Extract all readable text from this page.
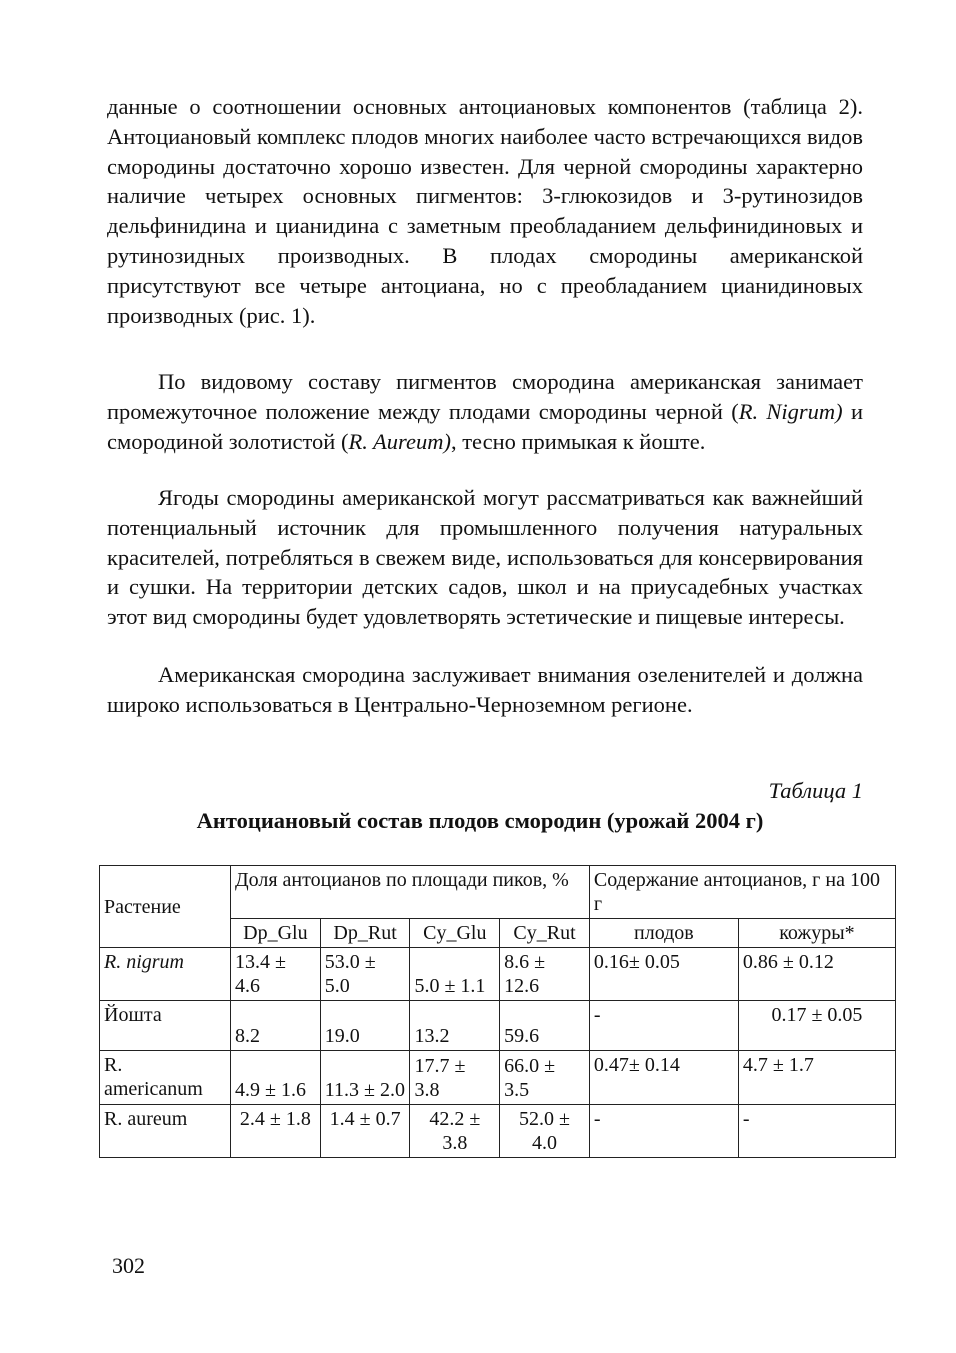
данные о соотношении основных антоциановых компонентов (таблица 2). Антоциановый комплекс плодов многих наиболее часто встречающихся видов смородины достаточно хорошо известен. Для черной смородины характерно наличие четырех основных пигментов: 3-глюкозидов и 3-рутинозидов дельфинидина и цианидина с заметным преобладанием дельфинидиновых и рутинозидных производных. В плодах смородины американской присутствуют все четыре антоциана, но с преобладанием цианидиновых производных (рис. 1).

По видовому составу пигментов смородина американская занимает промежуточное положение между плодами смородины черной (R. Nigrum) и смородиной золотистой (R. Aureum), тесно примыкая к йоште.

Ягоды смородины американской могут рассматриваться как важнейший потенциальный источник для промышленного получения натуральных красителей, потребляться в свежем виде, использоваться для консервирования и сушки. На территории детских садов, школ и на приусадебных участках этот вид смородины будет удовлетворять эстетические и пищевые интересы.

Американская смородина заслуживает внимания озеленителей и должна широко использоваться в Центрально-Черноземном регионе.

Таблица 1
Антоциановый состав плодов смородин (урожай 2004 г)
Растение	Доля антоцианов по площади пиков, %				Содержание антоцианов, г на 100 г	
	Dp_Glu	Dp_Rut	Cy_Glu	Cy_Rut	плодов	кожуры*
R. nigrum	13.4 ± 4.6	53.0 ± 5.0	5.0 ± 1.1	8.6 ± 12.6	0.16± 0.05	0.86 ± 0.12
Йошта	8.2	19.0	13.2	59.6	-	0.17 ± 0.05
R. americanum	4.9 ± 1.6	11.3 ± 2.0	17.7 ± 3.8	66.0 ± 3.5	0.47± 0.14	4.7 ± 1.7
R. aureum	2.4 ± 1.8	1.4 ± 0.7	42.2 ± 3.8	52.0 ± 4.0	-	-
302
